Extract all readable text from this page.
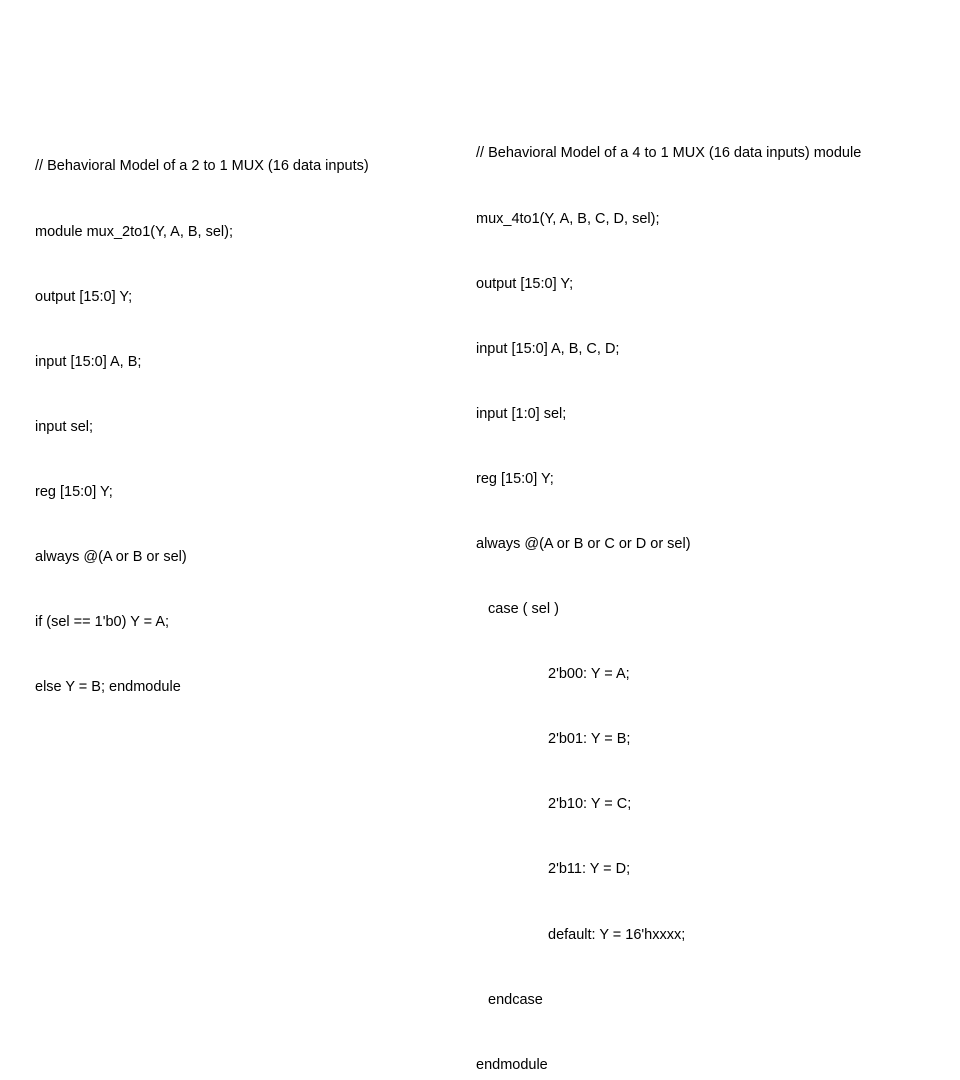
// Behavioral Model of a 2 to 1 MUX (16 data inputs)

module mux_2to1(Y, A, B, sel);

output [15:0] Y;

input [15:0] A, B;

input sel;

reg [15:0] Y;

always @(A or B or sel)

if (sel == 1'b0) Y = A;

else Y = B; endmodule

// Behavioral Model of a 4 to 1 MUX (16 data inputs) module

mux_4to1(Y, A, B, C, D, sel);

output [15:0] Y;

input [15:0] A, B, C, D;

input [1:0] sel;

reg [15:0] Y;

always @(A or B or C or D or sel)

case ( sel )

2'b00: Y = A;

2'b01: Y = B;

2'b10: Y = C;

2'b11: Y = D;

default: Y = 16'hxxxx;

endcase

endmodule
